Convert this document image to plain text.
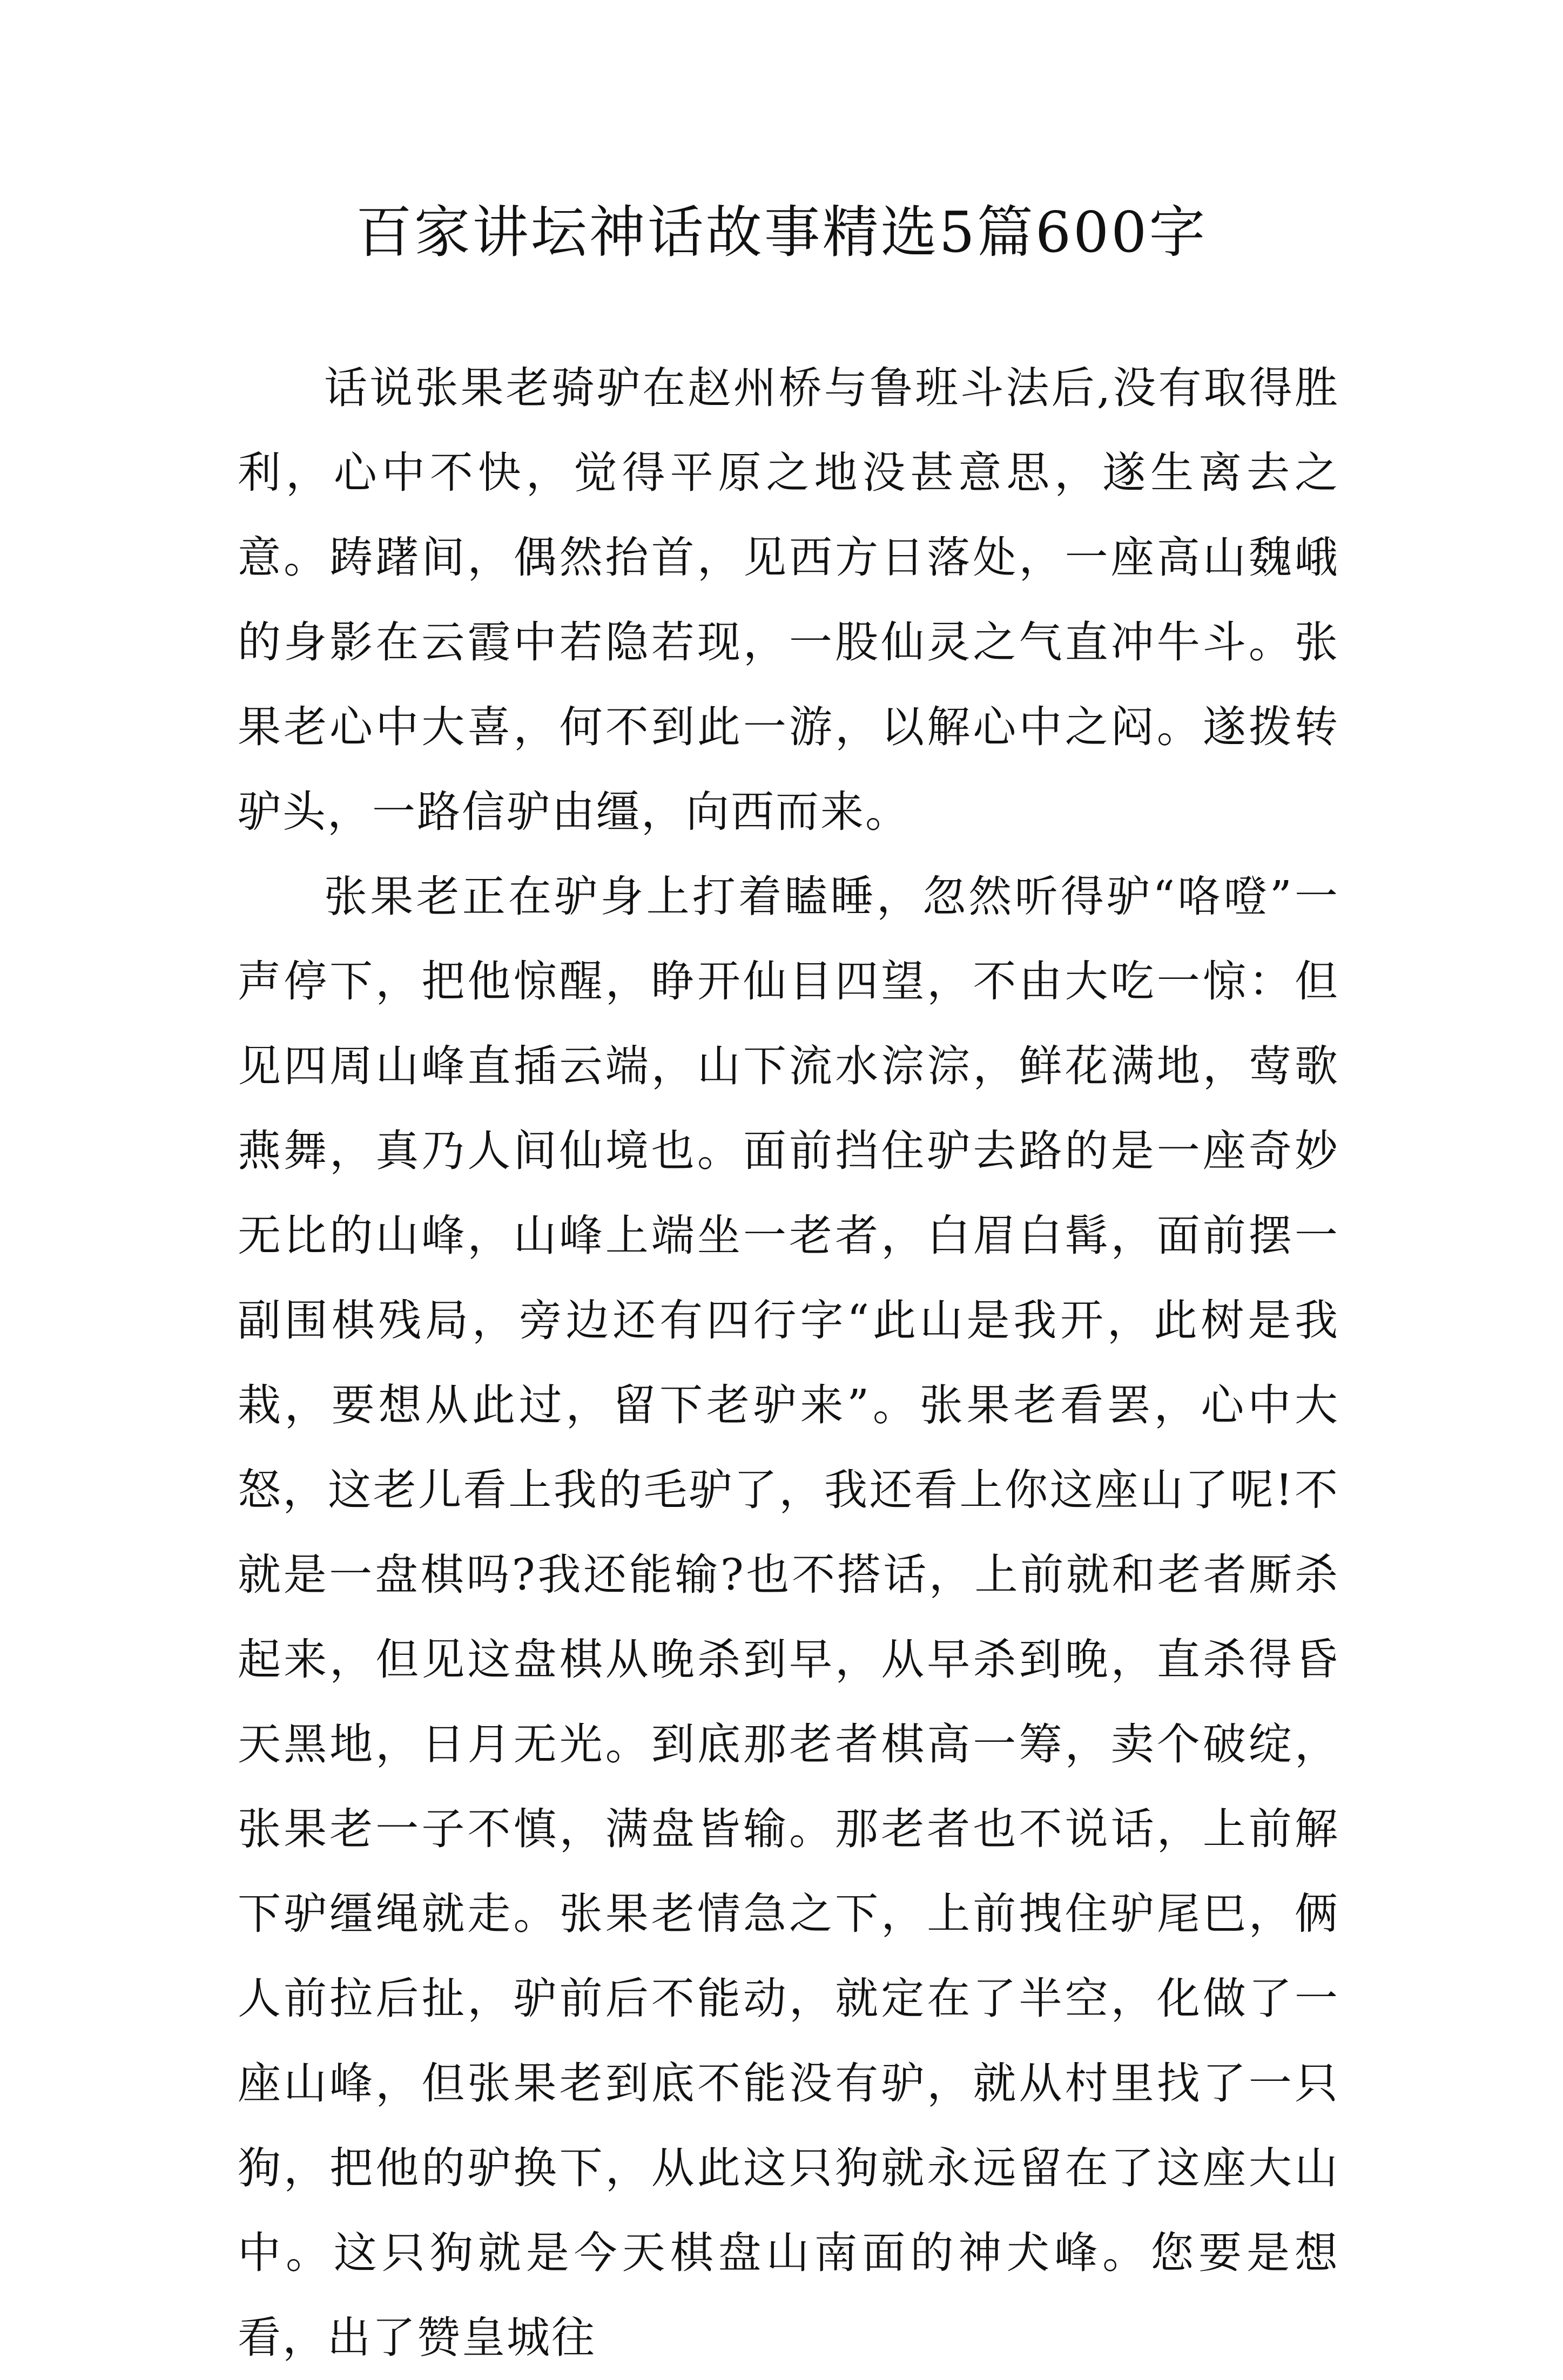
百家讲坛神话故事精选5篇600字

话说张果老骑驴在赵州桥与鲁班斗法后,没有取得胜利，心中不快，觉得平原之地没甚意思，遂生离去之意。踌躇间，偶然抬首，见西方日落处，一座高山魏峨的身影在云霞中若隐若现，一股仙灵之气直冲牛斗。张果老心中大喜，何不到此一游，以解心中之闷。遂拨转驴头，一路信驴由缰，向西而来。

张果老正在驴身上打着瞌睡，忽然听得驴“咯噔”一声停下，把他惊醒，睁开仙目四望，不由大吃一惊：但见四周山峰直插云端，山下流水淙淙，鲜花满地，莺歌燕舞，真乃人间仙境也。面前挡住驴去路的是一座奇妙无比的山峰，山峰上端坐一老者，白眉白髯，面前摆一副围棋残局，旁边还有四行字“此山是我开，此树是我栽，要想从此过，留下老驴来”。张果老看罢，心中大怒，这老儿看上我的毛驴了，我还看上你这座山了呢!不就是一盘棋吗?我还能输?也不搭话，上前就和老者厮杀起来，但见这盘棋从晚杀到早，从早杀到晚，直杀得昏天黑地，日月无光。到底那老者棋高一筹，卖个破绽，张果老一子不慎，满盘皆输。那老者也不说话，上前解下驴缰绳就走。张果老情急之下，上前拽住驴尾巴，俩人前拉后扯，驴前后不能动，就定在了半空，化做了一座山峰，但张果老到底不能没有驴，就从村里找了一只狗，把他的驴换下，从此这只狗就永远留在了这座大山中。这只狗就是今天棋盘山南面的神犬峰。您要是想看，出了赞皇城往
